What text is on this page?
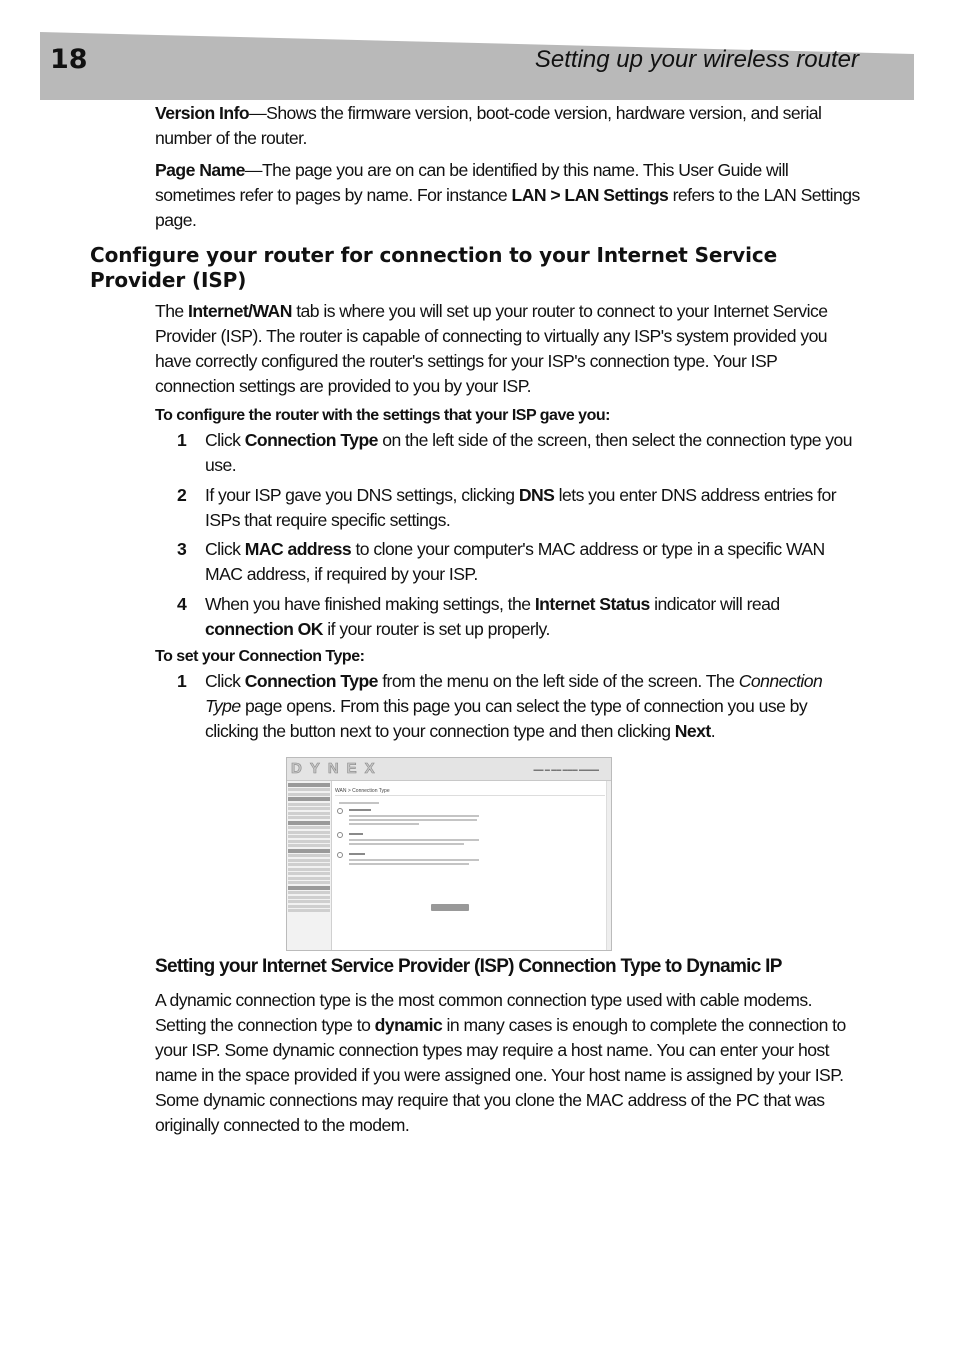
18	Setting up your wireless router

Version Info—Shows the firmware version, boot-code version, hardware version, and serial number of the router.

Page Name—The page you are on can be identified by this name. This User Guide will sometimes refer to pages by name. For instance LAN > LAN Settings refers to the LAN Settings page.

Configure your router for connection to your Internet Service Provider (ISP)

The Internet/WAN tab is where you will set up your router to connect to your Internet Service Provider (ISP). The router is capable of connecting to virtually any ISP's system provided you have correctly configured the router's settings for your ISP's connection type. Your ISP connection settings are provided to you by your ISP.

To configure the router with the settings that your ISP gave you:
1 Click Connection Type on the left side of the screen, then select the connection type you use.
2 If your ISP gave you DNS settings, clicking DNS lets you enter DNS address entries for ISPs that require specific settings.
3 Click MAC address to clone your computer's MAC address or type in a specific WAN MAC address, if required by your ISP.
4 When you have finished making settings, the Internet Status indicator will read connection OK if your router is set up properly.
To set your Connection Type:
1 Click Connection Type from the menu on the left side of the screen. The Connection Type page opens. From this page you can select the type of connection you use by clicking the button next to your connection type and then clicking Next.
DYNEX	▬▬ ▬ ▬▬ ▬▬▬ ▬▬▬▬
WAN > Connection Type
Setting your Internet Service Provider (ISP) Connection Type to Dynamic IP

A dynamic connection type is the most common connection type used with cable modems. Setting the connection type to dynamic in many cases is enough to complete the connection to your ISP. Some dynamic connection types may require a host name. You can enter your host name in the space provided if you were assigned one. Your host name is assigned by your ISP. Some dynamic connections may require that you clone the MAC address of the PC that was originally connected to the modem.
